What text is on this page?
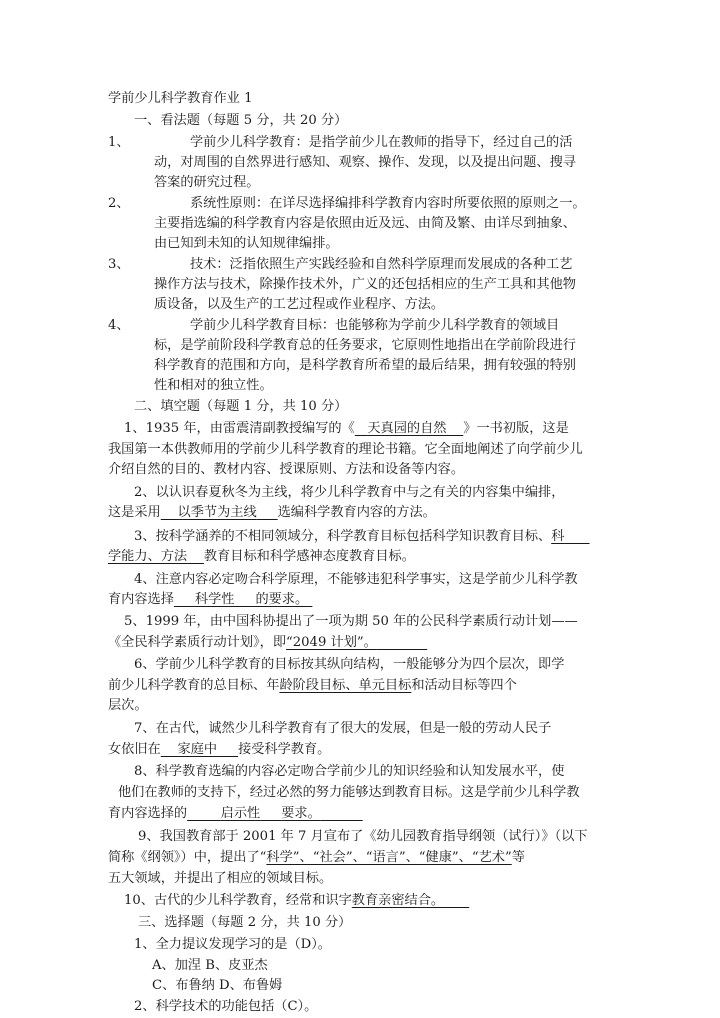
学前少儿科学教育作业 1
一、看法题（每题 5 分，共 20 分）
1、	学前少儿科学教育：是指学前少儿在教师的指导下，经过自己的活
动，对周围的自然界进行感知、观察、操作、发现，以及提出问题、搜寻
答案的研究过程。
2、	系统性原则：在详尽选择编排科学教育内容时所要依照的原则之一。
主要指选编的科学教育内容是依照由近及远、由简及繁、由详尽到抽象、
由已知到未知的认知规律编排。
3、	技术：泛指依照生产实践经验和自然科学原理而发展成的各种工艺
操作方法与技术，除操作技术外，广义的还包括相应的生产工具和其他物
质设备，以及生产的工艺过程或作业程序、方法。
4、	学前少儿科学教育目标：也能够称为学前少儿科学教育的领域目
标，是学前阶段科学教育总的任务要求，它原则性地指出在学前阶段进行
科学教育的范围和方向，是科学教育所希望的最后结果，拥有较强的特别
性和相对的独立性。
二、填空题（每题 1 分，共 10 分）
1、1935 年，由雷震清副教授编写的《 天真园的自然 》一书初版，这是
我国第一本供教师用的学前少儿科学教育的理论书籍。它全面地阐述了向学前少儿
介绍自然的目的、教材内容、授课原则、方法和设备等内容。
2、以认识春夏秋冬为主线，将少儿科学教育中与之有关的内容集中编排，
这是采用 以季节为主线 选编科学教育内容的方法。
3、按科学涵养的不相同领域分，科学教育目标包括科学知识教育目标、科
学能力、方法 教育目标和科学感神态度教育目标。
4、注意内容必定吻合科学原理，不能够违犯科学事实，这是学前少儿科学教
育内容选择 科学性 的要求。
5、1999 年，由中国科协提出了一项为期 50 年的公民科学素质行动计划——
《全民科学素质行动计划》，即“2049 计划”。
6、学前少儿科学教育的目标按其纵向结构，一般能够分为四个层次，即学
前少儿科学教育的总目标、年龄阶段目标、单元目标和活动目标等四个
层次。
7、在古代，诚然少儿科学教育有了很大的发展，但是一般的劳动人民子
女依旧在 家庭中 接受科学教育。
8、科学教育选编的内容必定吻合学前少儿的知识经验和认知发展水平，使
他们在教师的支持下，经过必然的努力能够达到教育目标。这是学前少儿科学教
育内容选择的	启示性 要求。
9、我国教育部于 2001 年 7 月宣布了《幼儿园教育指导纲领（试行）》（以下
简称《纲领》）中，提出了“科学”、“社会”、“语言”、“健康”、“艺术”等
五大领域，并提出了相应的领域目标。
10、古代的少儿科学教育，经常和识字教育亲密结合。
三、选择题（每题 2 分，共 10 分）
1、全力提议发现学习的是（D）。
A、加涅 B、皮亚杰
C、布鲁纳 D、布鲁姆
2、科学技术的功能包括（C）。
